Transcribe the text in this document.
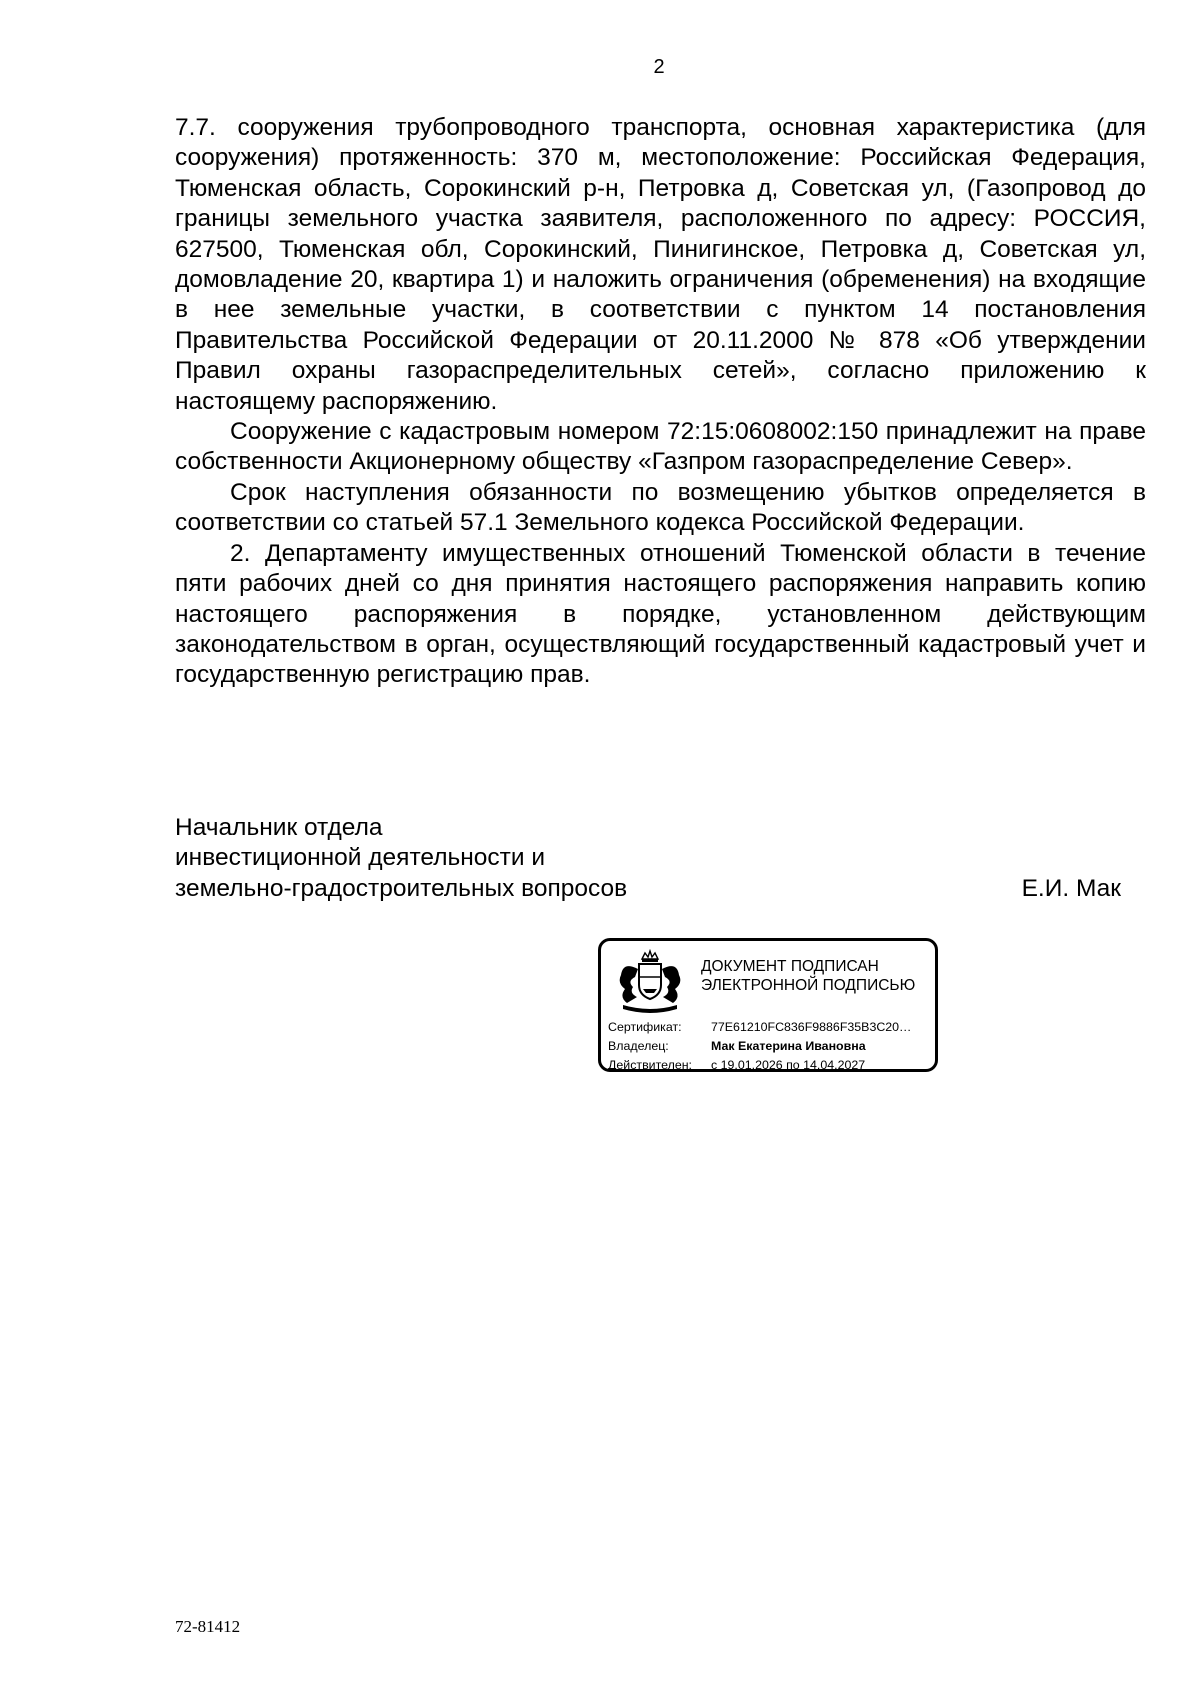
2

7.7. сооружения трубопроводного транспорта, основная характеристика (для сооружения) протяженность: 370 м, местоположение: Российская Федерация, Тюменская область, Сорокинский р-н, Петровка д, Советская ул, (Газопровод до границы земельного участка заявителя, расположенного по адресу: РОССИЯ, 627500, Тюменская обл, Сорокинский, Пинигинское, Петровка д, Советская ул, домовладение 20, квартира 1) и наложить ограничения (обременения) на входящие в нее земельные участки, в соответствии с пунктом 14 постановления Правительства Российской Федерации от 20.11.2000 № 878 «Об утверждении Правил охраны газораспределительных сетей», согласно приложению к настоящему распоряжению.

Сооружение с кадастровым номером 72:15:0608002:150 принадлежит на праве собственности Акционерному обществу «Газпром газораспределение Север».

Срок наступления обязанности по возмещению убытков определяется в соответствии со статьей 57.1 Земельного кодекса Российской Федерации.

2. Департаменту имущественных отношений Тюменской области в течение пяти рабочих дней со дня принятия настоящего распоряжения направить копию настоящего распоряжения в порядке, установленном действующим законодательством в орган, осуществляющий государственный кадастровый учет и государственную регистрацию прав.

Начальник отдела
инвестиционной деятельности и
земельно-градостроительных вопросов	Е.И. Мак
ДОКУМЕНТ ПОДПИСАН
ЭЛЕКТРОННОЙ ПОДПИСЬЮ
Сертификат:	77E61210FC836F9886F35B3C20…
Владелец:	Мак Екатерина Ивановна
Действителен:	с 19.01.2026 по 14.04.2027
72-81412
